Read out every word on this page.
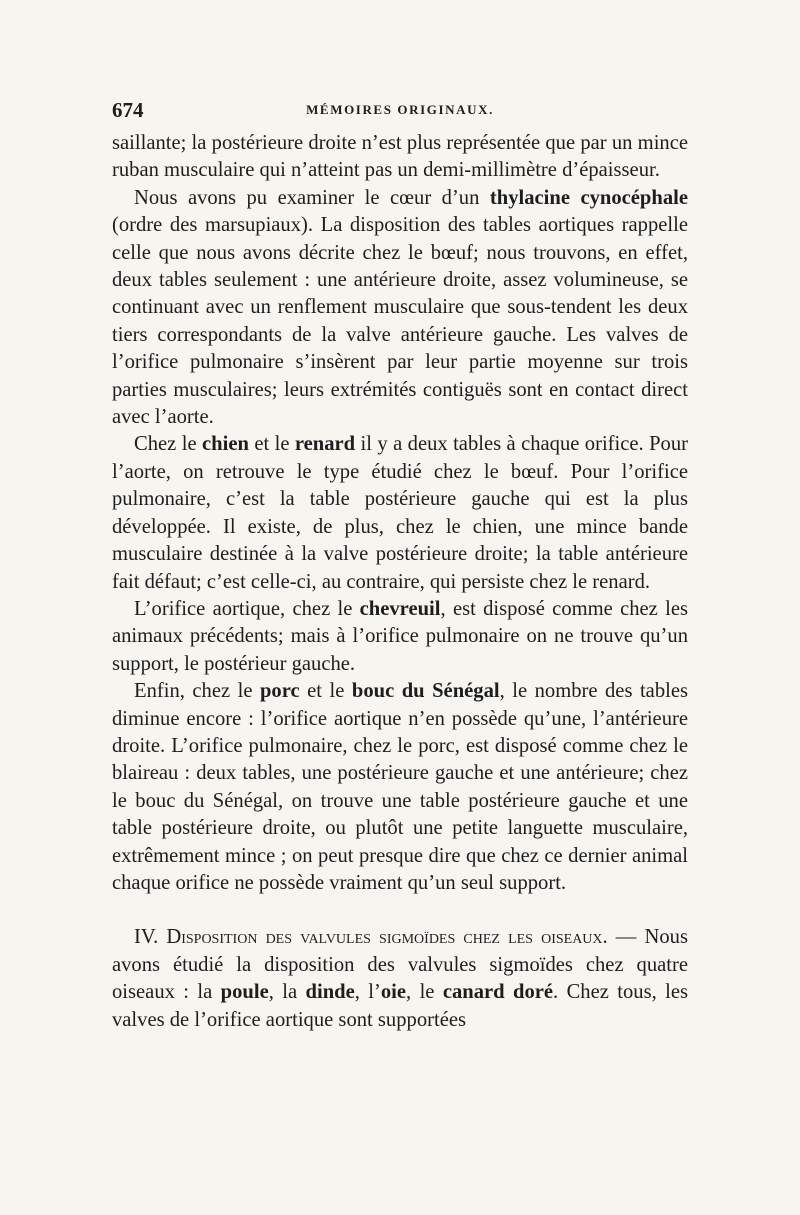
674	MÉMOIRES ORIGINAUX.

saillante; la postérieure droite n’est plus représentée que par un mince ruban musculaire qui n’atteint pas un demi-millimètre d’épaisseur.

Nous avons pu examiner le cœur d’un thylacine cynocéphale (ordre des marsupiaux). La disposition des tables aortiques rappelle celle que nous avons décrite chez le bœuf; nous trouvons, en effet, deux tables seulement : une antérieure droite, assez volumineuse, se continuant avec un renflement musculaire que sous-tendent les deux tiers correspondants de la valve antérieure gauche. Les valves de l’orifice pulmonaire s’insèrent par leur partie moyenne sur trois parties musculaires; leurs extrémités contiguës sont en contact direct avec l’aorte.

Chez le chien et le renard il y a deux tables à chaque orifice. Pour l’aorte, on retrouve le type étudié chez le bœuf. Pour l’orifice pulmonaire, c’est la table postérieure gauche qui est la plus développée. Il existe, de plus, chez le chien, une mince bande musculaire destinée à la valve postérieure droite; la table antérieure fait défaut; c’est celle-ci, au contraire, qui persiste chez le renard.

L’orifice aortique, chez le chevreuil, est disposé comme chez les animaux précédents; mais à l’orifice pulmonaire on ne trouve qu’un support, le postérieur gauche.

Enfin, chez le porc et le bouc du Sénégal, le nombre des tables diminue encore : l’orifice aortique n’en possède qu’une, l’antérieure droite. L’orifice pulmonaire, chez le porc, est disposé comme chez le blaireau : deux tables, une postérieure gauche et une antérieure; chez le bouc du Sénégal, on trouve une table postérieure gauche et une table postérieure droite, ou plutôt une petite languette musculaire, extrêmement mince ; on peut presque dire que chez ce dernier animal chaque orifice ne possède vraiment qu’un seul support.

IV. Disposition des valvules sigmoïdes chez les oiseaux. — Nous avons étudié la disposition des valvules sigmoïdes chez quatre oiseaux : la poule, la dinde, l’oie, le canard doré. Chez tous, les valves de l’orifice aortique sont supportées
